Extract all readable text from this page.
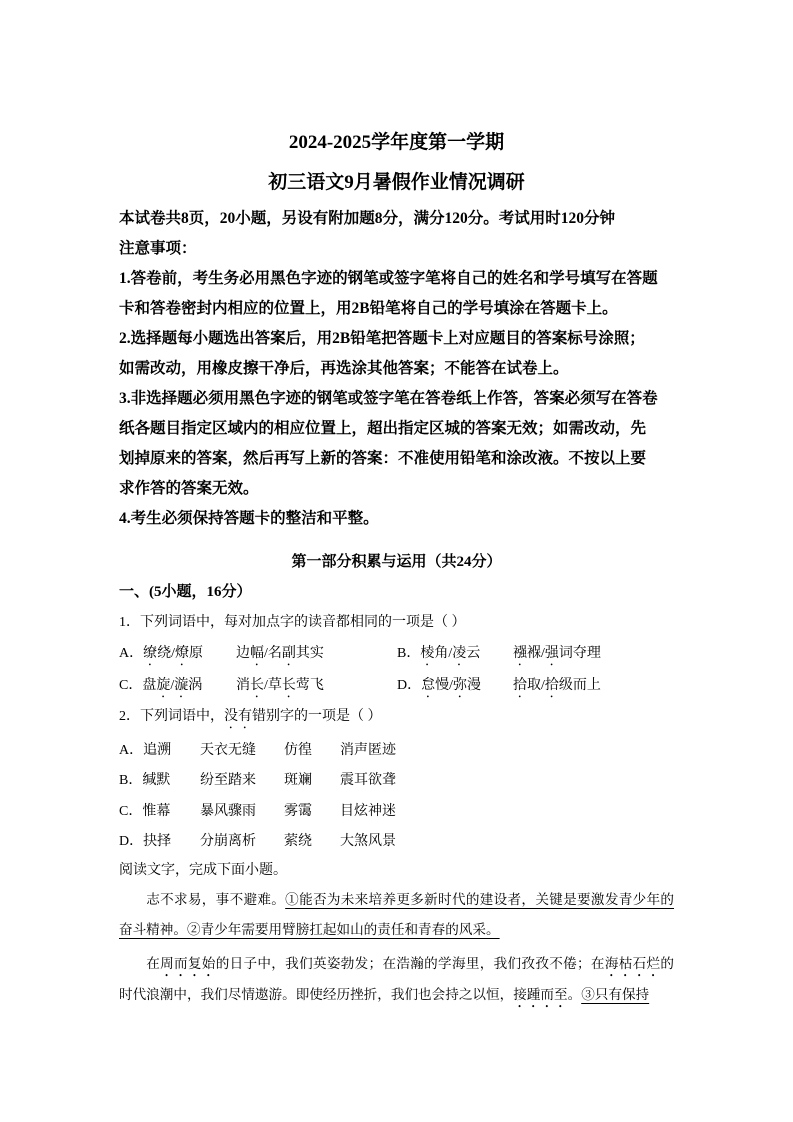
2024-2025学年度第一学期
初三语文9月暑假作业情况调研

本试卷共8页，20小题，另设有附加题8分，满分120分。考试用时120分钟

注意事项：

1.答卷前，考生务必用黑色字迹的钢笔或签字笔将自己的姓名和学号填写在答题

卡和答卷密封内相应的位置上，用2B铅笔将自己的学号填涂在答题卡上。

2.选择题每小题选出答案后，用2B铅笔把答题卡上对应题目的答案标号涂照；

如需改动，用橡皮擦干净后，再选涂其他答案；不能答在试卷上。

3.非选择题必须用黑色字迹的钢笔或签字笔在答卷纸上作答，答案必须写在答卷

纸各题目指定区域内的相应位置上，超出指定区城的答案无效；如需改动，先

划掉原来的答案，然后再写上新的答案：不准使用铅笔和涂改液。不按以上要

求作答的答案无效。

4.考生必须保持答题卡的整洁和平整。

第一部分积累与运用（共24分）
一、(5小题，16分）
1．下列词语中，每对加点字的读音都相同的一项是（ ）
A．缭绕/燎原 边幅/名副其实	B．棱角/凌云 襁褓/强词夺理
C．盘旋/漩涡 消长/草长莺飞	D．怠慢/弥漫 拾取/拾级而上
2．下列词语中，没有错别字的一项是（ ）
A．追溯 天衣无缝 仿徨 消声匿迹
B．缄默 纷至踏来 斑斓 震耳欲聋
C．惟幕 暴风骤雨 雾霭 目炫神迷
D．抉择 分崩离析 萦绕 大煞风景
阅读文字，完成下面小题。

志不求易，事不避难。①能否为未来培养更多新时代的建设者，关键是要激发青少年的奋斗精神。②青少年需要用臂膀扛起如山的责任和青春的风采。

在周而复始的日子中，我们英姿勃发；在浩瀚的学海里，我们孜孜不倦；在海枯石烂的时代浪潮中，我们尽情遨游。即使经历挫折，我们也会持之以恒，接踵而至。③只有保持
